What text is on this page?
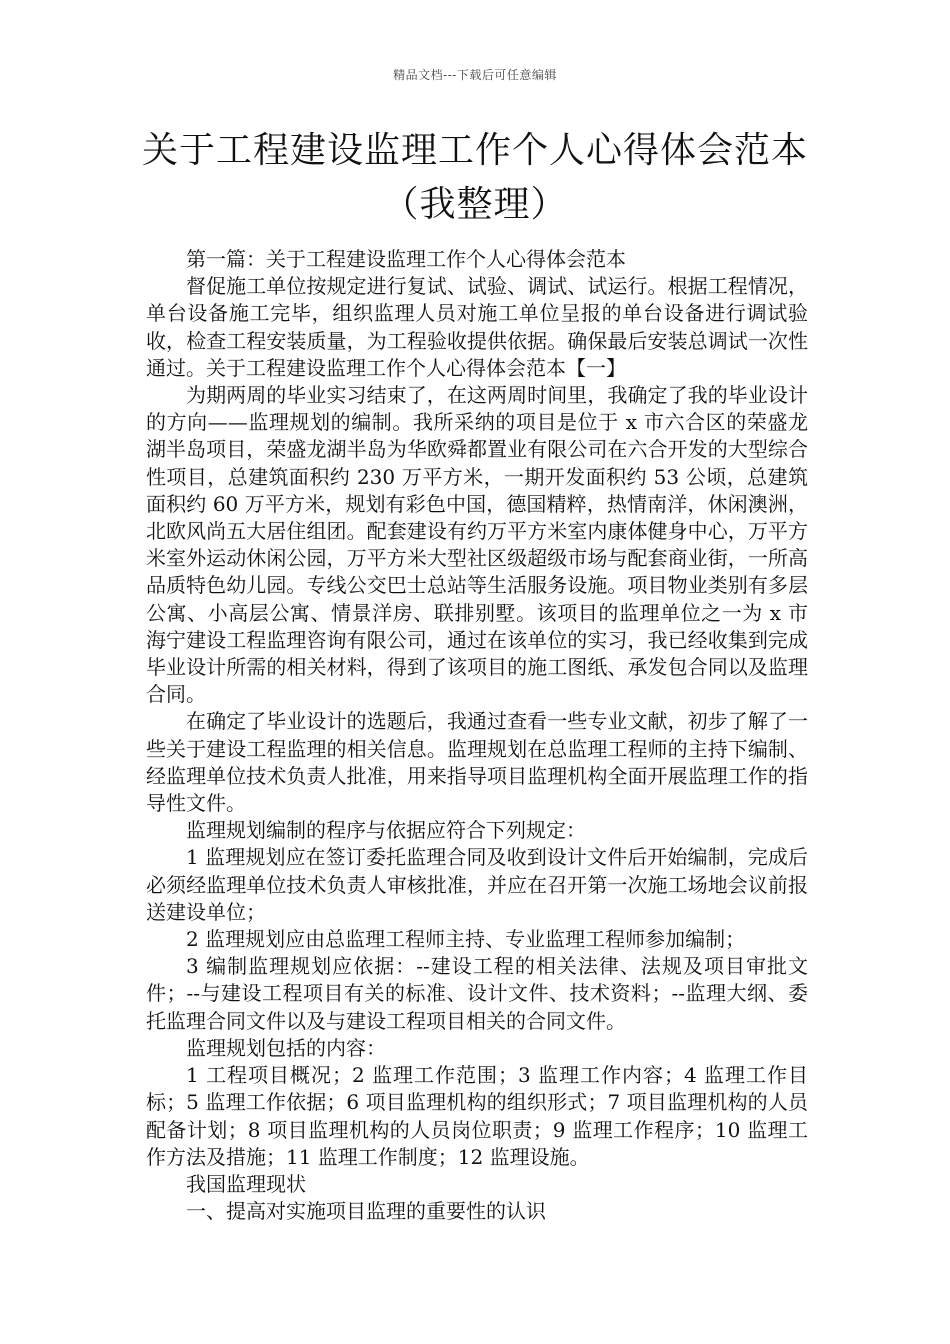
精品文档---下载后可任意编辑
关于工程建设监理工作个人心得体会范本
（我整理）

第一篇：关于工程建设监理工作个人心得体会范本

督促施工单位按规定进行复试、试验、调试、试运行。根据工程情况，单台设备施工完毕，组织监理人员对施工单位呈报的单台设备进行调试验收，检查工程安装质量，为工程验收提供依据。确保最后安装总调试一次性通过。关于工程建设监理工作个人心得体会范本【一】

为期两周的毕业实习结束了，在这两周时间里，我确定了我的毕业设计的方向——监理规划的编制。我所采纳的项目是位于 x 市六合区的荣盛龙湖半岛项目，荣盛龙湖半岛为华欧舜都置业有限公司在六合开发的大型综合性项目，总建筑面积约 230 万平方米，一期开发面积约 53 公顷，总建筑面积约 60 万平方米，规划有彩色中国，德国精粹，热情南洋，休闲澳洲，北欧风尚五大居住组团。配套建设有约万平方米室内康体健身中心，万平方米室外运动休闲公园，万平方米大型社区级超级市场与配套商业街，一所高品质特色幼儿园。专线公交巴士总站等生活服务设施。项目物业类别有多层公寓、小高层公寓、情景洋房、联排别墅。该项目的监理单位之一为 x 市海宁建设工程监理咨询有限公司，通过在该单位的实习，我已经收集到完成毕业设计所需的相关材料，得到了该项目的施工图纸、承发包合同以及监理合同。

在确定了毕业设计的选题后，我通过查看一些专业文献，初步了解了一些关于建设工程监理的相关信息。监理规划在总监理工程师的主持下编制、经监理单位技术负责人批准，用来指导项目监理机构全面开展监理工作的指导性文件。

监理规划编制的程序与依据应符合下列规定：

1 监理规划应在签订委托监理合同及收到设计文件后开始编制，完成后必须经监理单位技术负责人审核批准，并应在召开第一次施工场地会议前报送建设单位；

2 监理规划应由总监理工程师主持、专业监理工程师参加编制；

3 编制监理规划应依据：--建设工程的相关法律、法规及项目审批文件；--与建设工程项目有关的标准、设计文件、技术资料；--监理大纲、委托监理合同文件以及与建设工程项目相关的合同文件。

监理规划包括的内容：

1 工程项目概况；2 监理工作范围；3 监理工作内容；4 监理工作目标；5 监理工作依据；6 项目监理机构的组织形式；7 项目监理机构的人员配备计划；8 项目监理机构的人员岗位职责；9 监理工作程序；10 监理工作方法及措施；11 监理工作制度；12 监理设施。

我国监理现状

一、提高对实施项目监理的重要性的认识
